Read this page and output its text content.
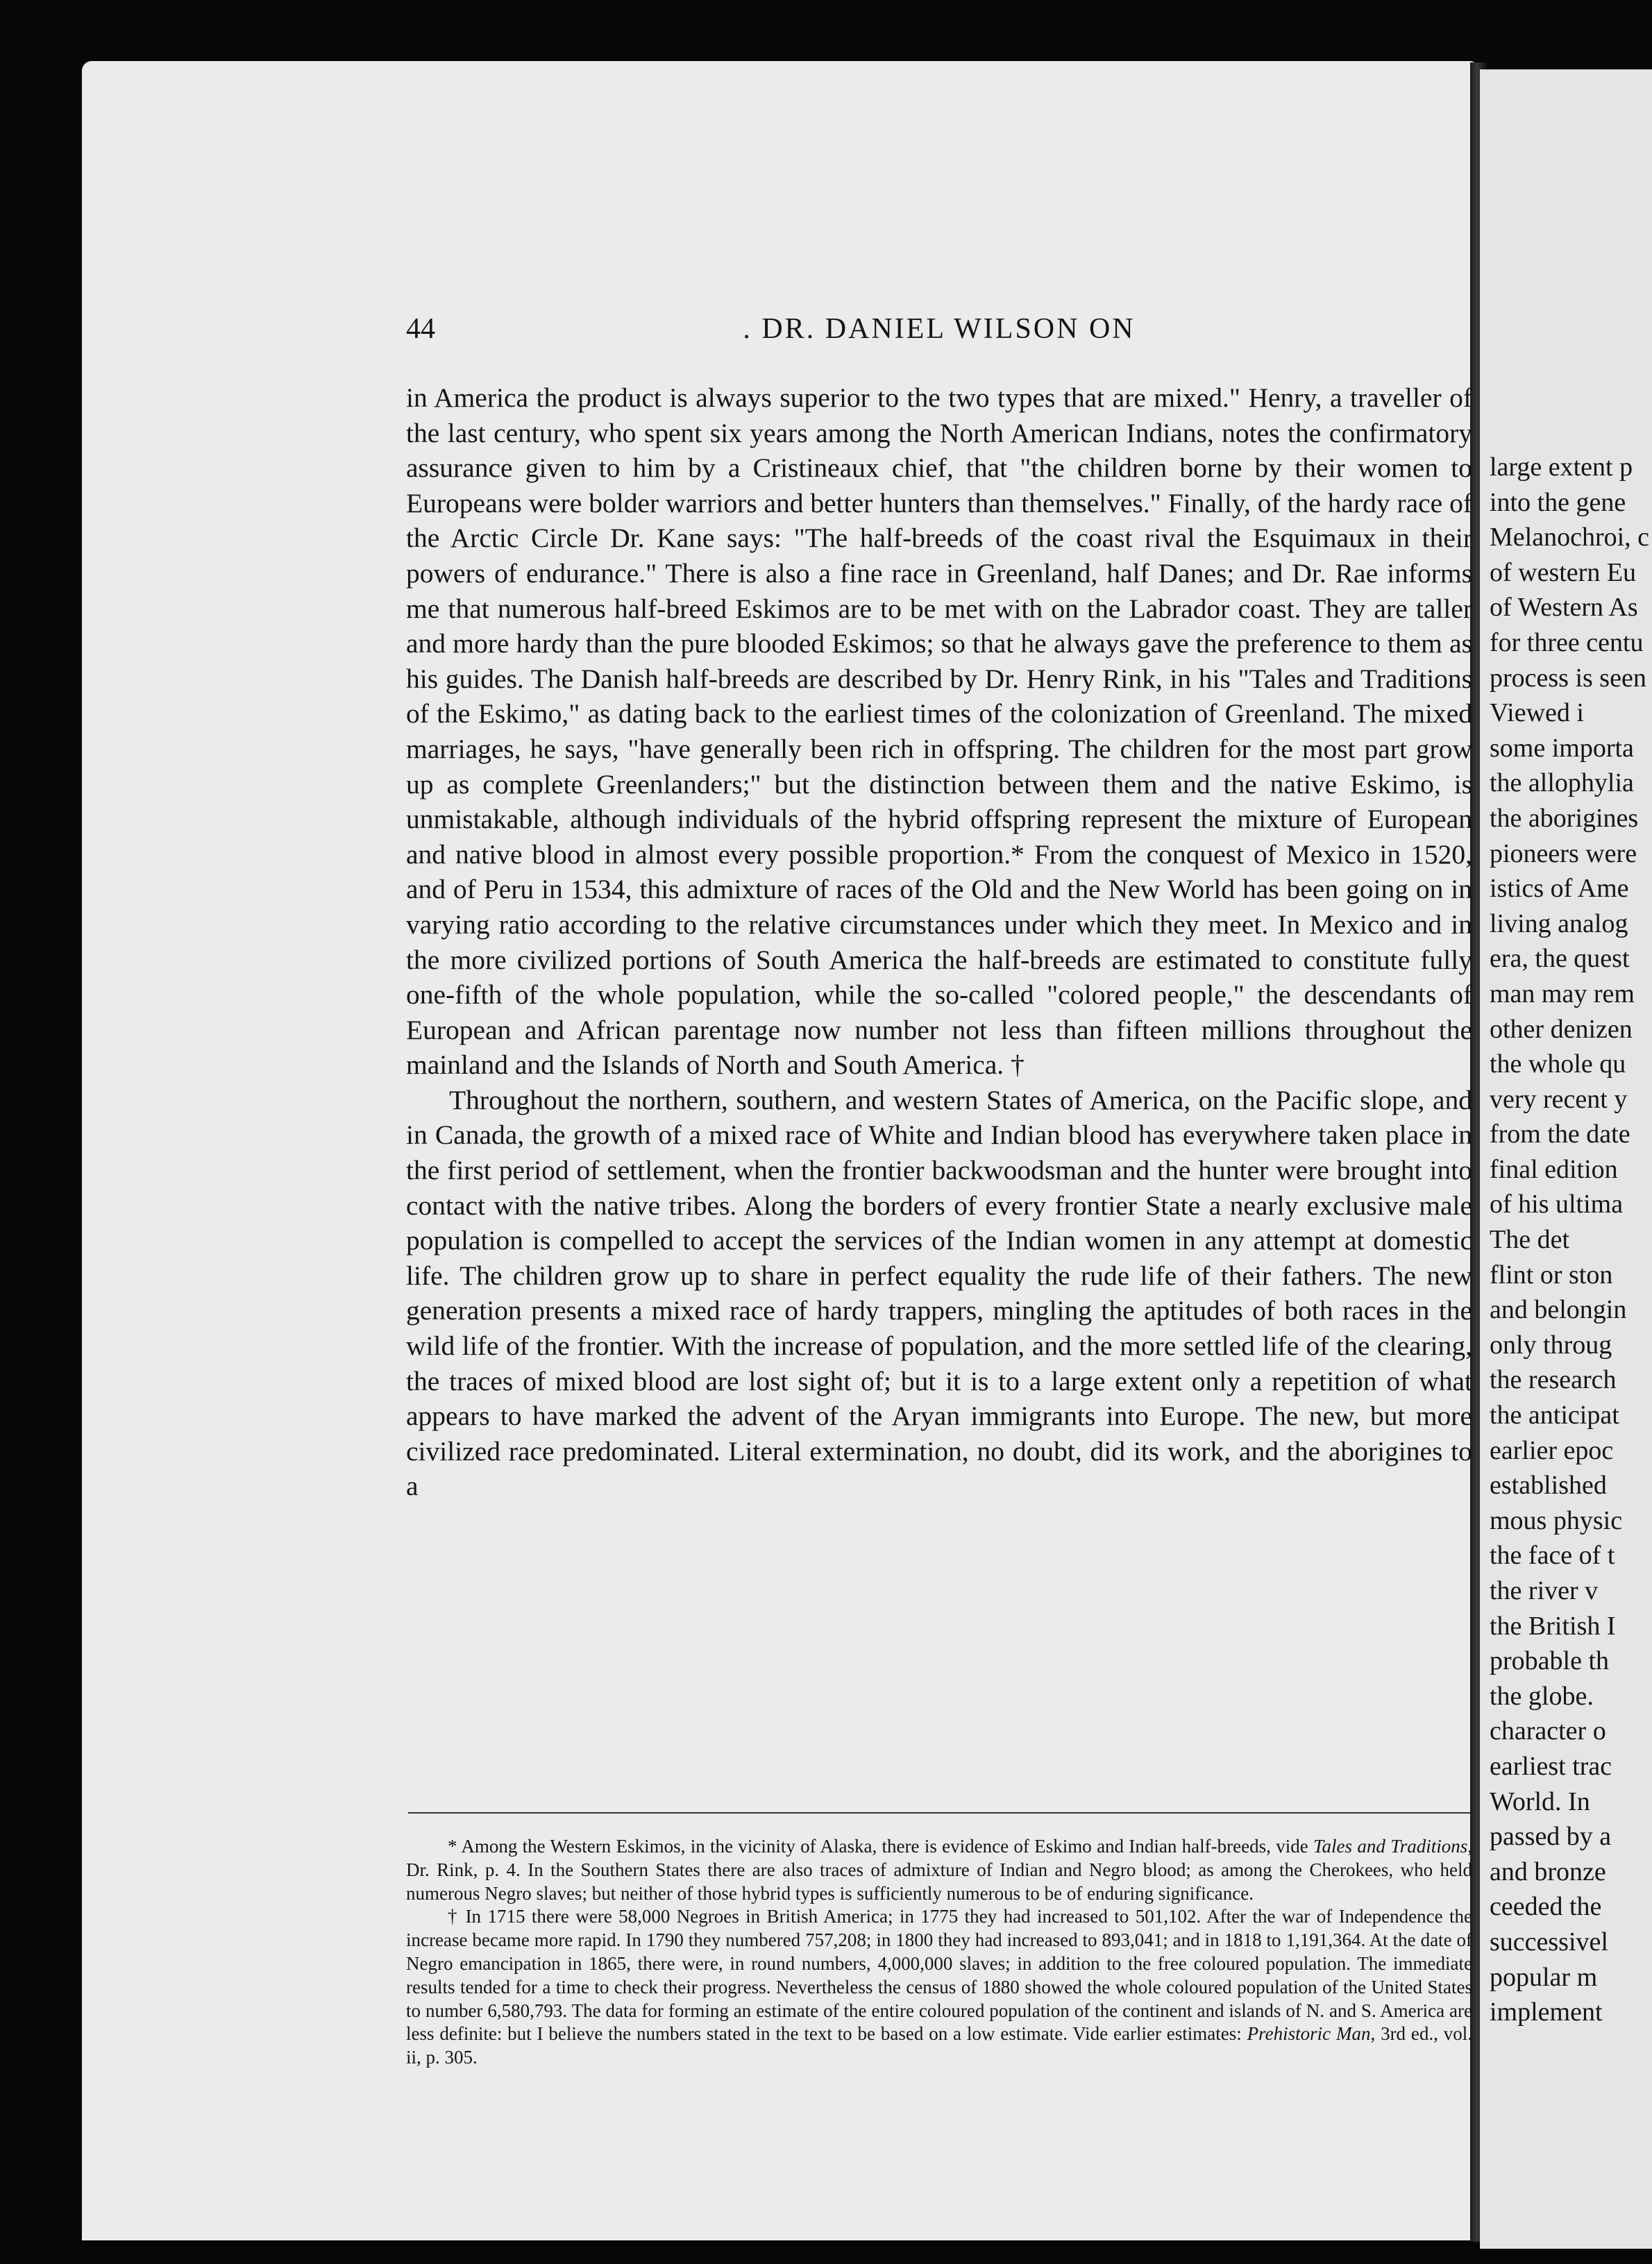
large extent p
into the gene
Melanochroi, c
of western Eu
of Western As
for three centu
process is seen
Viewed i
some importa
the allophylia
the aborigines
pioneers were
istics of Ame
living analog
era, the quest
man may rem
other denizen
the whole qu
very recent y
from the date
final edition
of his ultima
The det
flint or ston
and belongin
only throug
the research
the anticipat
earlier epoc
established
mous physic
the face of t
the river v
the British I
probable th
the globe.
character o
earliest trac
World. In
passed by a
and bronze
ceeded the
successivel
popular m
implement
44	. DR. DANIEL WILSON ON

in America the product is always superior to the two types that are mixed." Henry, a traveller of the last century, who spent six years among the North American Indians, notes the confirmatory assurance given to him by a Cristineaux chief, that "the children borne by their women to Europeans were bolder warriors and better hunters than themselves." Finally, of the hardy race of the Arctic Circle Dr. Kane says: "The half-breeds of the coast rival the Esquimaux in their powers of endurance." There is also a fine race in Greenland, half Danes; and Dr. Rae informs me that numerous half-breed Eskimos are to be met with on the Labrador coast. They are taller and more hardy than the pure blooded Eskimos; so that he always gave the preference to them as his guides. The Danish half-breeds are described by Dr. Henry Rink, in his "Tales and Traditions of the Eskimo," as dating back to the earliest times of the colonization of Greenland. The mixed marriages, he says, "have generally been rich in offspring. The children for the most part grow up as complete Greenlanders;" but the distinction between them and the native Eskimo, is unmistakable, although individuals of the hybrid offspring represent the mixture of European and native blood in almost every possible proportion.* From the conquest of Mexico in 1520, and of Peru in 1534, this admixture of races of the Old and the New World has been going on in varying ratio according to the relative circumstances under which they meet. In Mexico and in the more civilized portions of South America the half-breeds are estimated to constitute fully one-fifth of the whole population, while the so-called "colored people," the descendants of European and African parentage now number not less than fifteen millions throughout the mainland and the Islands of North and South America. †

Throughout the northern, southern, and western States of America, on the Pacific slope, and in Canada, the growth of a mixed race of White and Indian blood has everywhere taken place in the first period of settlement, when the frontier backwoodsman and the hunter were brought into contact with the native tribes. Along the borders of every frontier State a nearly exclusive male population is compelled to accept the services of the Indian women in any attempt at domestic life. The children grow up to share in perfect equality the rude life of their fathers. The new generation presents a mixed race of hardy trappers, mingling the aptitudes of both races in the wild life of the frontier. With the increase of population, and the more settled life of the clearing, the traces of mixed blood are lost sight of; but it is to a large extent only a repetition of what appears to have marked the advent of the Aryan immigrants into Europe. The new, but more civilized race predominated. Literal extermination, no doubt, did its work, and the aborigines to a

* Among the Western Eskimos, in the vicinity of Alaska, there is evidence of Eskimo and Indian half-breeds, vide Tales and Traditions, Dr. Rink, p. 4. In the Southern States there are also traces of admixture of Indian and Negro blood; as among the Cherokees, who held numerous Negro slaves; but neither of those hybrid types is sufficiently numerous to be of enduring significance.

† In 1715 there were 58,000 Negroes in British America; in 1775 they had increased to 501,102. After the war of Independence the increase became more rapid. In 1790 they numbered 757,208; in 1800 they had increased to 893,041; and in 1818 to 1,191,364. At the date of Negro emancipation in 1865, there were, in round numbers, 4,000,000 slaves; in addition to the free coloured population. The immediate results tended for a time to check their progress. Nevertheless the census of 1880 showed the whole coloured population of the United States to number 6,580,793. The data for forming an estimate of the entire coloured population of the continent and islands of N. and S. America are less definite: but I believe the numbers stated in the text to be based on a low estimate. Vide earlier estimates: Prehistoric Man, 3rd ed., vol. ii, p. 305.
